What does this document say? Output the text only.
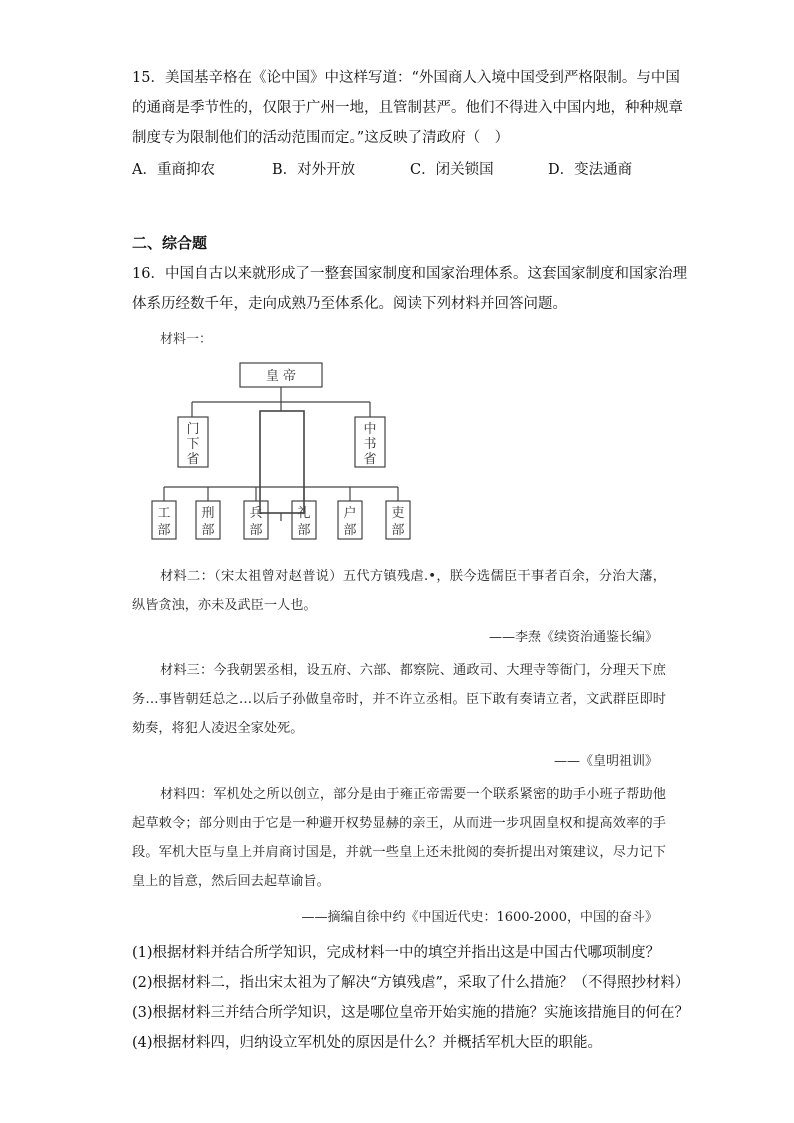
15．美国基辛格在《论中国》中这样写道：“外国商人入境中国受到严格限制。与中国
的通商是季节性的，仅限于广州一地，且管制甚严。他们不得进入中国内地，种种规章
制度专为限制他们的活动范围而定。”这反映了清政府（　）
A．重商抑农	B．对外开放	C．闭关锁国	D．变法通商
二、综合题
16．中国自古以来就形成了一整套国家制度和国家治理体系。这套国家制度和国家治理
体系历经数千年，走向成熟乃至体系化。阅读下列材料并回答问题。
材料一：
皇 帝
门
下
省
中
书
省
工
部
刑
部
兵
部
礼
部
户
部
吏
部

材料二：（宋太祖曾对赵普说）五代方镇残虐.•，朕今选儒臣干事者百余，分治大藩，纵皆贪浊，亦未及武臣一人也。

——李焘《续资治通鉴长编》

材料三：今我朝罢丞相，设五府、六部、都察院、通政司、大理寺等衙门，分理天下庶务…事皆朝廷总之…以后子孙做皇帝时，并不许立丞相。臣下敢有奏请立者，文武群臣即时劾奏，将犯人凌迟全家处死。

——《皇明祖训》

材料四：军机处之所以创立，部分是由于雍正帝需要一个联系紧密的助手小班子帮助他起草敕令；部分则由于它是一种避开权势显赫的亲王，从而进一步巩固皇权和提高效率的手段。军机大臣与皇上并肩商讨国是，并就一些皇上还未批阅的奏折提出对策建议，尽力记下皇上的旨意，然后回去起草谕旨。

——摘编自徐中约《中国近代史：1600-2000，中国的奋斗》
(1)根据材料并结合所学知识，完成材料一中的填空并指出这是中国古代哪项制度？
(2)根据材料二，指出宋太祖为了解决“方镇残虐”，采取了什么措施？（不得照抄材料）
(3)根据材料三并结合所学知识，这是哪位皇帝开始实施的措施？实施该措施目的何在？
(4)根据材料四，归纳设立军机处的原因是什么？并概括军机大臣的职能。
